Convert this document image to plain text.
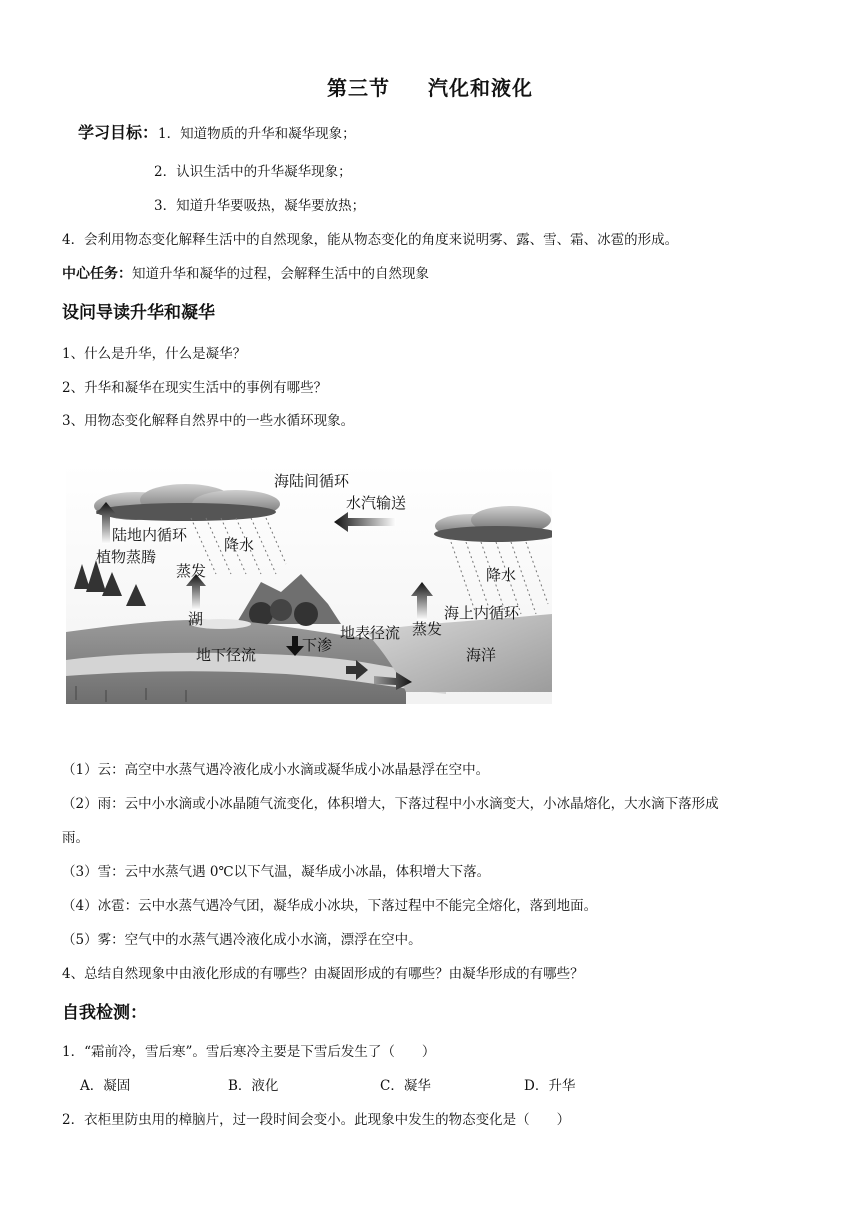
第三节 汽化和液化
学习目标：1．知道物质的升华和凝华现象；
2．认识生活中的升华凝华现象；
3．知道升华要吸热，凝华要放热；
4．会利用物态变化解释生活中的自然现象，能从物态变化的角度来说明雾、露、雪、霜、冰雹的形成。
中心任务：知道升华和凝华的过程，会解释生活中的自然现象
设问导读升华和凝华
1、什么是升华，什么是凝华？
2、升华和凝华在现实生活中的事例有哪些？
3、用物态变化解释自然界中的一些水循环现象。
海陆间循环
水汽输送
陆地内循环
植物蒸腾
降水
蒸发
湖
下渗
地表径流
地下径流
降水
海上内循环
蒸发
海洋
（1）云：高空中水蒸气遇冷液化成小水滴或凝华成小冰晶悬浮在空中。
（2）雨：云中小水滴或小冰晶随气流变化，体积增大，下落过程中小水滴变大，小冰晶熔化，大水滴下落形成
雨。
（3）雪：云中水蒸气遇 0℃以下气温，凝华成小冰晶，体积增大下落。
（4）冰雹：云中水蒸气遇冷气团，凝华成小冰块，下落过程中不能完全熔化，落到地面。
（5）雾：空气中的水蒸气遇冷液化成小水滴，漂浮在空中。
4、总结自然现象中由液化形成的有哪些？由凝固形成的有哪些？由凝华形成的有哪些？
自我检测：
1．“霜前冷，雪后寒”。雪后寒冷主要是下雪后发生了（　　）
A．凝固	B．液化	C．凝华	D．升华
2．衣柜里防虫用的樟脑片，过一段时间会变小。此现象中发生的物态变化是（　　）
